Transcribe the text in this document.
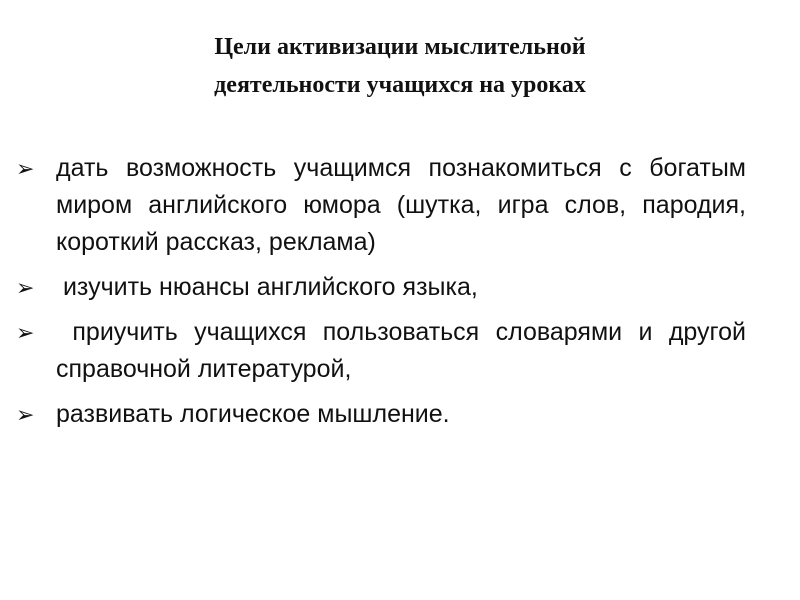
Цели активизации мыслительной
деятельности учащихся на уроках
➢ дать возможность учащимся познакомиться с богатым миром английского юмора (шутка, игра слов, пародия, короткий рассказ, реклама)
➢ изучить нюансы английского языка,
➢ приучить учащихся пользоваться словарями и другой справочной литературой,
➢ развивать логическое мышление.
